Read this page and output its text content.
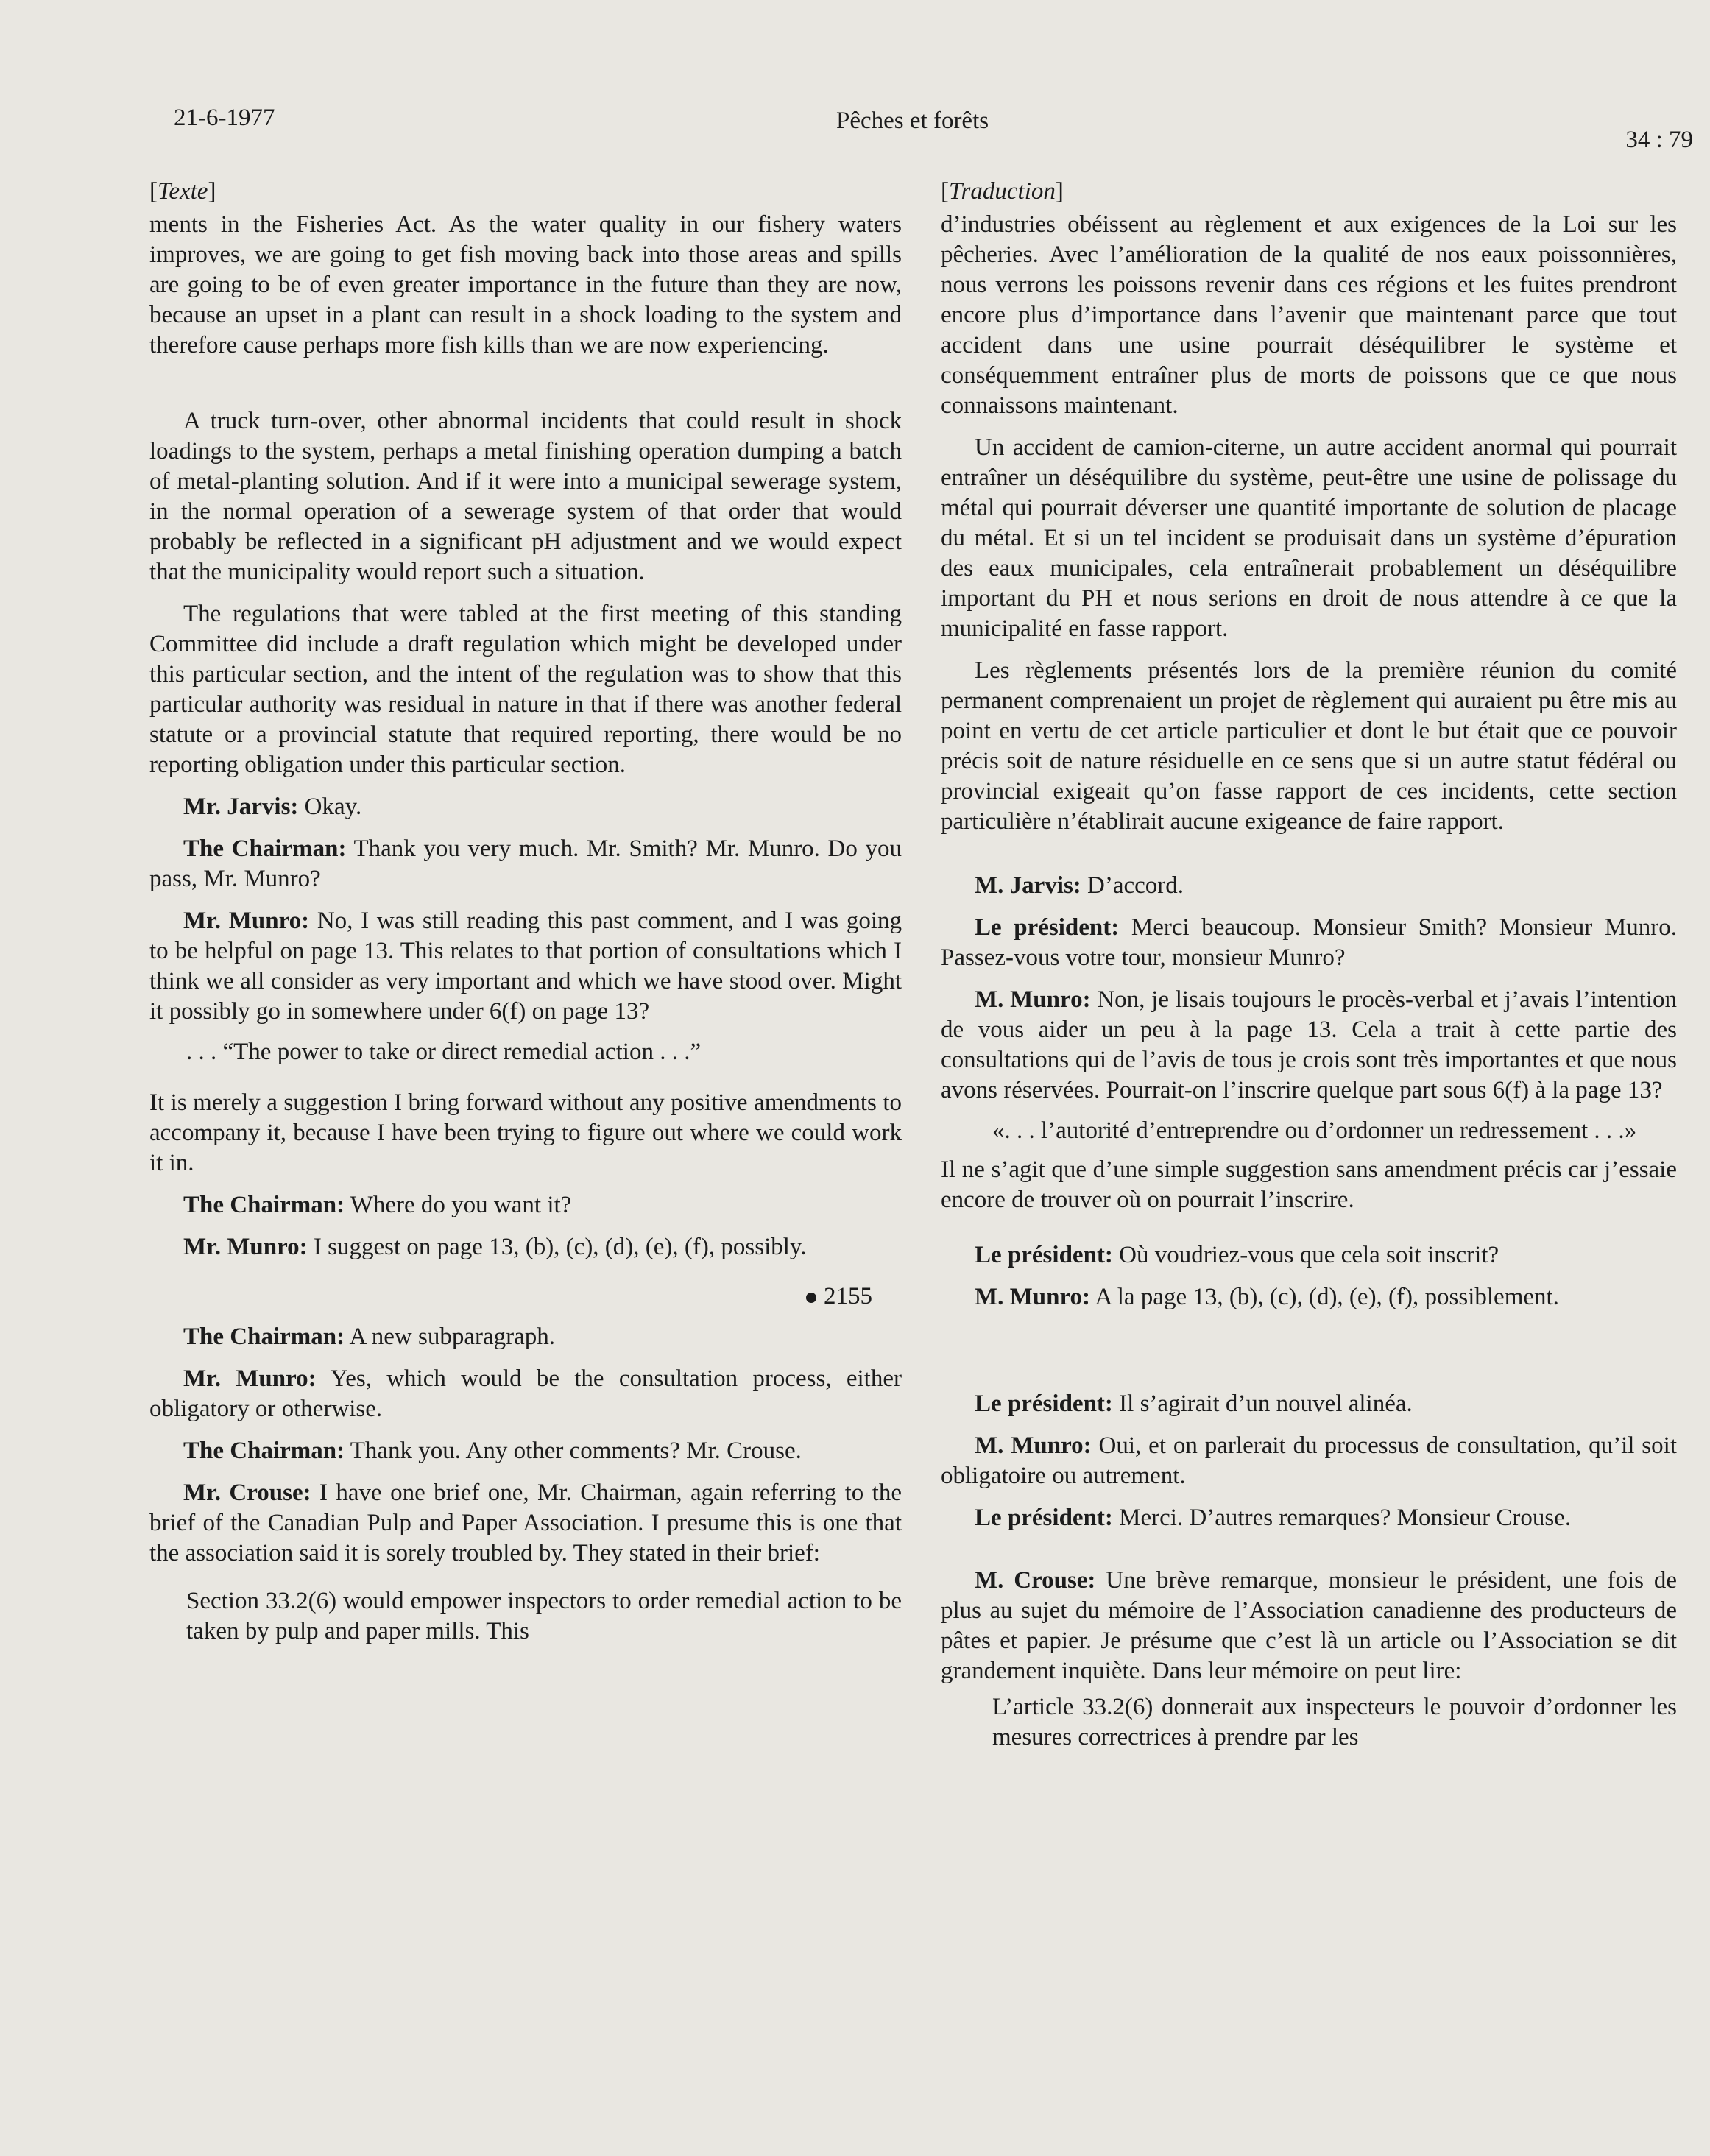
21-6-1977	Pêches et forêts
34 : 79
[Texte]

ments in the Fisheries Act. As the water quality in our fishery waters improves, we are going to get fish moving back into those areas and spills are going to be of even greater importance in the future than they are now, because an upset in a plant can result in a shock loading to the system and therefore cause perhaps more fish kills than we are now experiencing.

A truck turn-over, other abnormal incidents that could result in shock loadings to the system, perhaps a metal finishing operation dumping a batch of metal-planting solution. And if it were into a municipal sewerage system, in the normal operation of a sewerage system of that order that would probably be reflected in a significant pH adjustment and we would expect that the municipality would report such a situation.

The regulations that were tabled at the first meeting of this standing Committee did include a draft regulation which might be developed under this particular section, and the intent of the regulation was to show that this particular authority was residual in nature in that if there was another federal statute or a provincial statute that required reporting, there would be no reporting obligation under this particular section.

Mr. Jarvis: Okay.

The Chairman: Thank you very much. Mr. Smith? Mr. Munro. Do you pass, Mr. Munro?

Mr. Munro: No, I was still reading this past comment, and I was going to be helpful on page 13. This relates to that portion of consultations which I think we all consider as very important and which we have stood over. Might it possibly go in somewhere under 6(f) on page 13?

. . . “The power to take or direct remedial action . . .”

It is merely a suggestion I bring forward without any positive amendments to accompany it, because I have been trying to figure out where we could work it in.

The Chairman: Where do you want it?

Mr. Munro: I suggest on page 13, (b), (c), (d), (e), (f), possibly.

2155

The Chairman: A new subparagraph.

Mr. Munro: Yes, which would be the consultation process, either obligatory or otherwise.

The Chairman: Thank you. Any other comments? Mr. Crouse.

Mr. Crouse: I have one brief one, Mr. Chairman, again referring to the brief of the Canadian Pulp and Paper Association. I presume this is one that the association said it is sorely troubled by. They stated in their brief:

Section 33.2(6) would empower inspectors to order remedial action to be taken by pulp and paper mills. This

[Traduction]

d’industries obéissent au règlement et aux exigences de la Loi sur les pêcheries. Avec l’amélioration de la qualité de nos eaux poissonnières, nous verrons les poissons revenir dans ces régions et les fuites prendront encore plus d’importance dans l’avenir que maintenant parce que tout accident dans une usine pourrait déséquilibrer le système et conséquemment entraîner plus de morts de poissons que ce que nous connaissons maintenant.

Un accident de camion-citerne, un autre accident anormal qui pourrait entraîner un déséquilibre du système, peut-être une usine de polissage du métal qui pourrait déverser une quantité importante de solution de placage du métal. Et si un tel incident se produisait dans un système d’épuration des eaux municipales, cela entraînerait probablement un déséquilibre important du PH et nous serions en droit de nous attendre à ce que la municipalité en fasse rapport.

Les règlements présentés lors de la première réunion du comité permanent comprenaient un projet de règlement qui auraient pu être mis au point en vertu de cet article particulier et dont le but était que ce pouvoir précis soit de nature résiduelle en ce sens que si un autre statut fédéral ou provincial exigeait qu’on fasse rapport de ces incidents, cette section particulière n’établirait aucune exigeance de faire rapport.

M. Jarvis: D’accord.

Le président: Merci beaucoup. Monsieur Smith? Monsieur Munro. Passez-vous votre tour, monsieur Munro?

M. Munro: Non, je lisais toujours le procès-verbal et j’avais l’intention de vous aider un peu à la page 13. Cela a trait à cette partie des consultations qui de l’avis de tous je crois sont très importantes et que nous avons réservées. Pourrait-on l’inscrire quelque part sous 6(f) à la page 13?

«. . . l’autorité d’entreprendre ou d’ordonner un redressement . . .»

Il ne s’agit que d’une simple suggestion sans amendment précis car j’essaie encore de trouver où on pourrait l’inscrire.

Le président: Où voudriez-vous que cela soit inscrit?

M. Munro: A la page 13, (b), (c), (d), (e), (f), possiblement.

Le président: Il s’agirait d’un nouvel alinéa.

M. Munro: Oui, et on parlerait du processus de consultation, qu’il soit obligatoire ou autrement.

Le président: Merci. D’autres remarques? Monsieur Crouse.

M. Crouse: Une brève remarque, monsieur le président, une fois de plus au sujet du mémoire de l’Association canadienne des producteurs de pâtes et papier. Je présume que c’est là un article ou l’Association se dit grandement inquiète. Dans leur mémoire on peut lire:

L’article 33.2(6) donnerait aux inspecteurs le pouvoir d’ordonner les mesures correctrices à prendre par les
